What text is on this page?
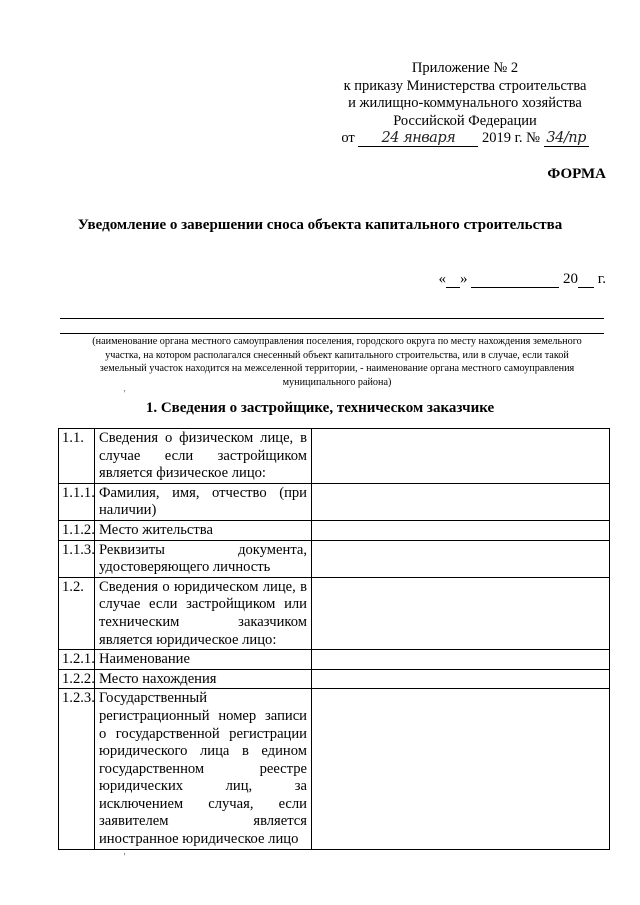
Приложение № 2
к приказу Министерства строительства
и жилищно-коммунального хозяйства
Российской Федерации
от 24 января 2019 г. № 34/пр
ФОРМА
Уведомление о завершении сноса объекта капитального строительства
« »	20 г.
(наименование органа местного самоуправления поселения, городского округа по месту нахождения земельного участка, на котором располагался снесенный объект капитального строительства, или в случае, если такой земельный участок находится на межселенной территории, - наименование органа местного самоуправления муниципального района)
1. Сведения о застройщике, техническом заказчике
1.1.	Сведения о физическом лице, в случае если застройщиком является физическое лицо:	
1.1.1.	Фамилия, имя, отчество (при наличии)	
1.1.2.	Место жительства	
1.1.3.	Реквизиты документа, удостоверяющего личность	
1.2.	Сведения о юридическом лице, в случае если застройщиком или техническим заказчиком является юридическое лицо:	
1.2.1.	Наименование	
1.2.2.	Место нахождения	
1.2.3.	Государственный регистрационный номер записи о государственной регистрации юридического лица в едином государственном реестре юридических лиц, за исключением случая, если заявителем является иностранное юридическое лицо	
′
′
